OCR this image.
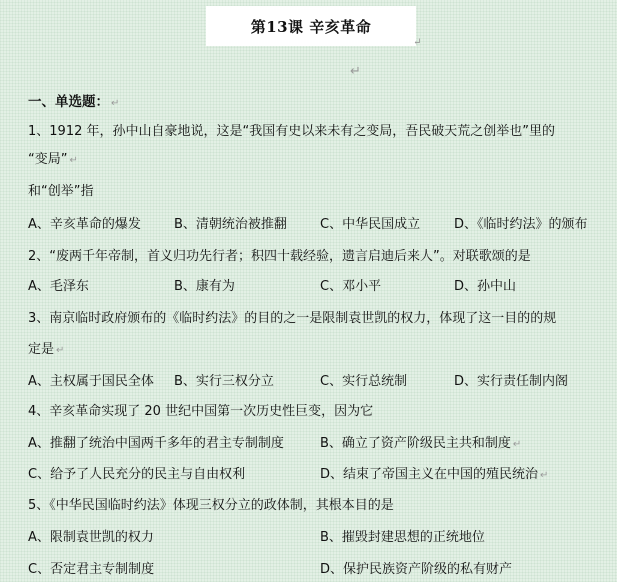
第13课 辛亥革命
↵
↵
一、单选题： ↵
1、1912 年，孙中山自豪地说，这是“我国有史以来未有之变局，吾民破天荒之创举也”里的
“变局” ↵
和“创举”指
A、辛亥革命的爆发	B、清朝统治被推翻	C、中华民国成立	D、《临时约法》的颁布
2、“废两千年帝制，首义归功先行者；积四十载经验，遗言启迪后来人”。对联歌颂的是
A、毛泽东	B、康有为	C、邓小平	D、孙中山
3、南京临时政府颁布的《临时约法》的目的之一是限制袁世凯的权力，体现了这一目的的规
定是 ↵
A、主权属于国民全体 B、实行三权分立	C、实行总统制	D、实行责任制内阁
4、辛亥革命实现了 20 世纪中国第一次历史性巨变，因为它
A、推翻了统治中国两千多年的君主专制制度	B、确立了资产阶级民主共和制度 ↵
C、给予了人民充分的民主与自由权利	D、结束了帝国主义在中国的殖民统治 ↵
5、《中华民国临时约法》体现三权分立的政体制，其根本目的是
A、限制袁世凯的权力	B、摧毁封建思想的正统地位
C、否定君主专制制度	D、保护民族资产阶级的私有财产
